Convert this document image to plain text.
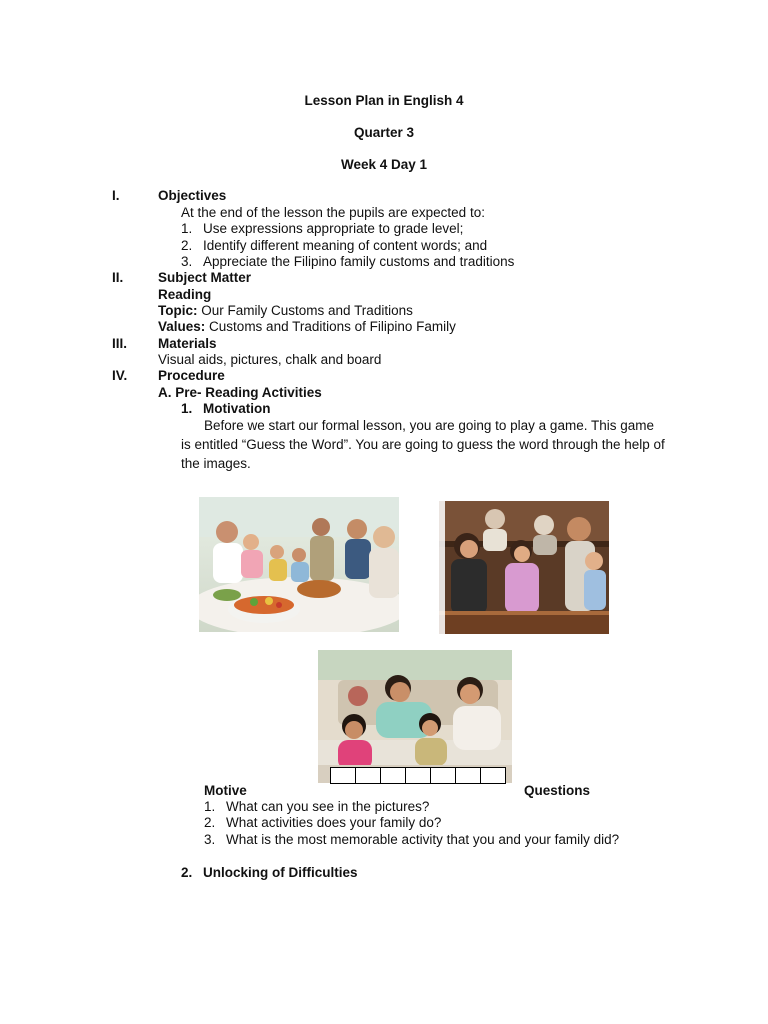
Lesson Plan in English 4
Quarter 3
Week 4 Day 1
I.	Objectives
At the end of the lesson the pupils are expected to:
1. Use expressions appropriate to grade level;
2. Identify different meaning of content words; and
3. Appreciate the Filipino family customs and traditions
II.	Subject Matter
Reading
Topic: Our Family Customs and Traditions
Values: Customs and Traditions of Filipino Family
III. Materials
Visual aids, pictures, chalk and board
IV. Procedure
A. Pre- Reading Activities
1. Motivation
Before we start our formal lesson, you are going to play a game. This game
is entitled “Guess the Word”. You are going to guess the word through the help of
the images.
Motive	Questions
1. What can you see in the pictures?
2. What activities does your family do?
3. What is the most memorable activity that you and your family did?
2. Unlocking of Difficulties
